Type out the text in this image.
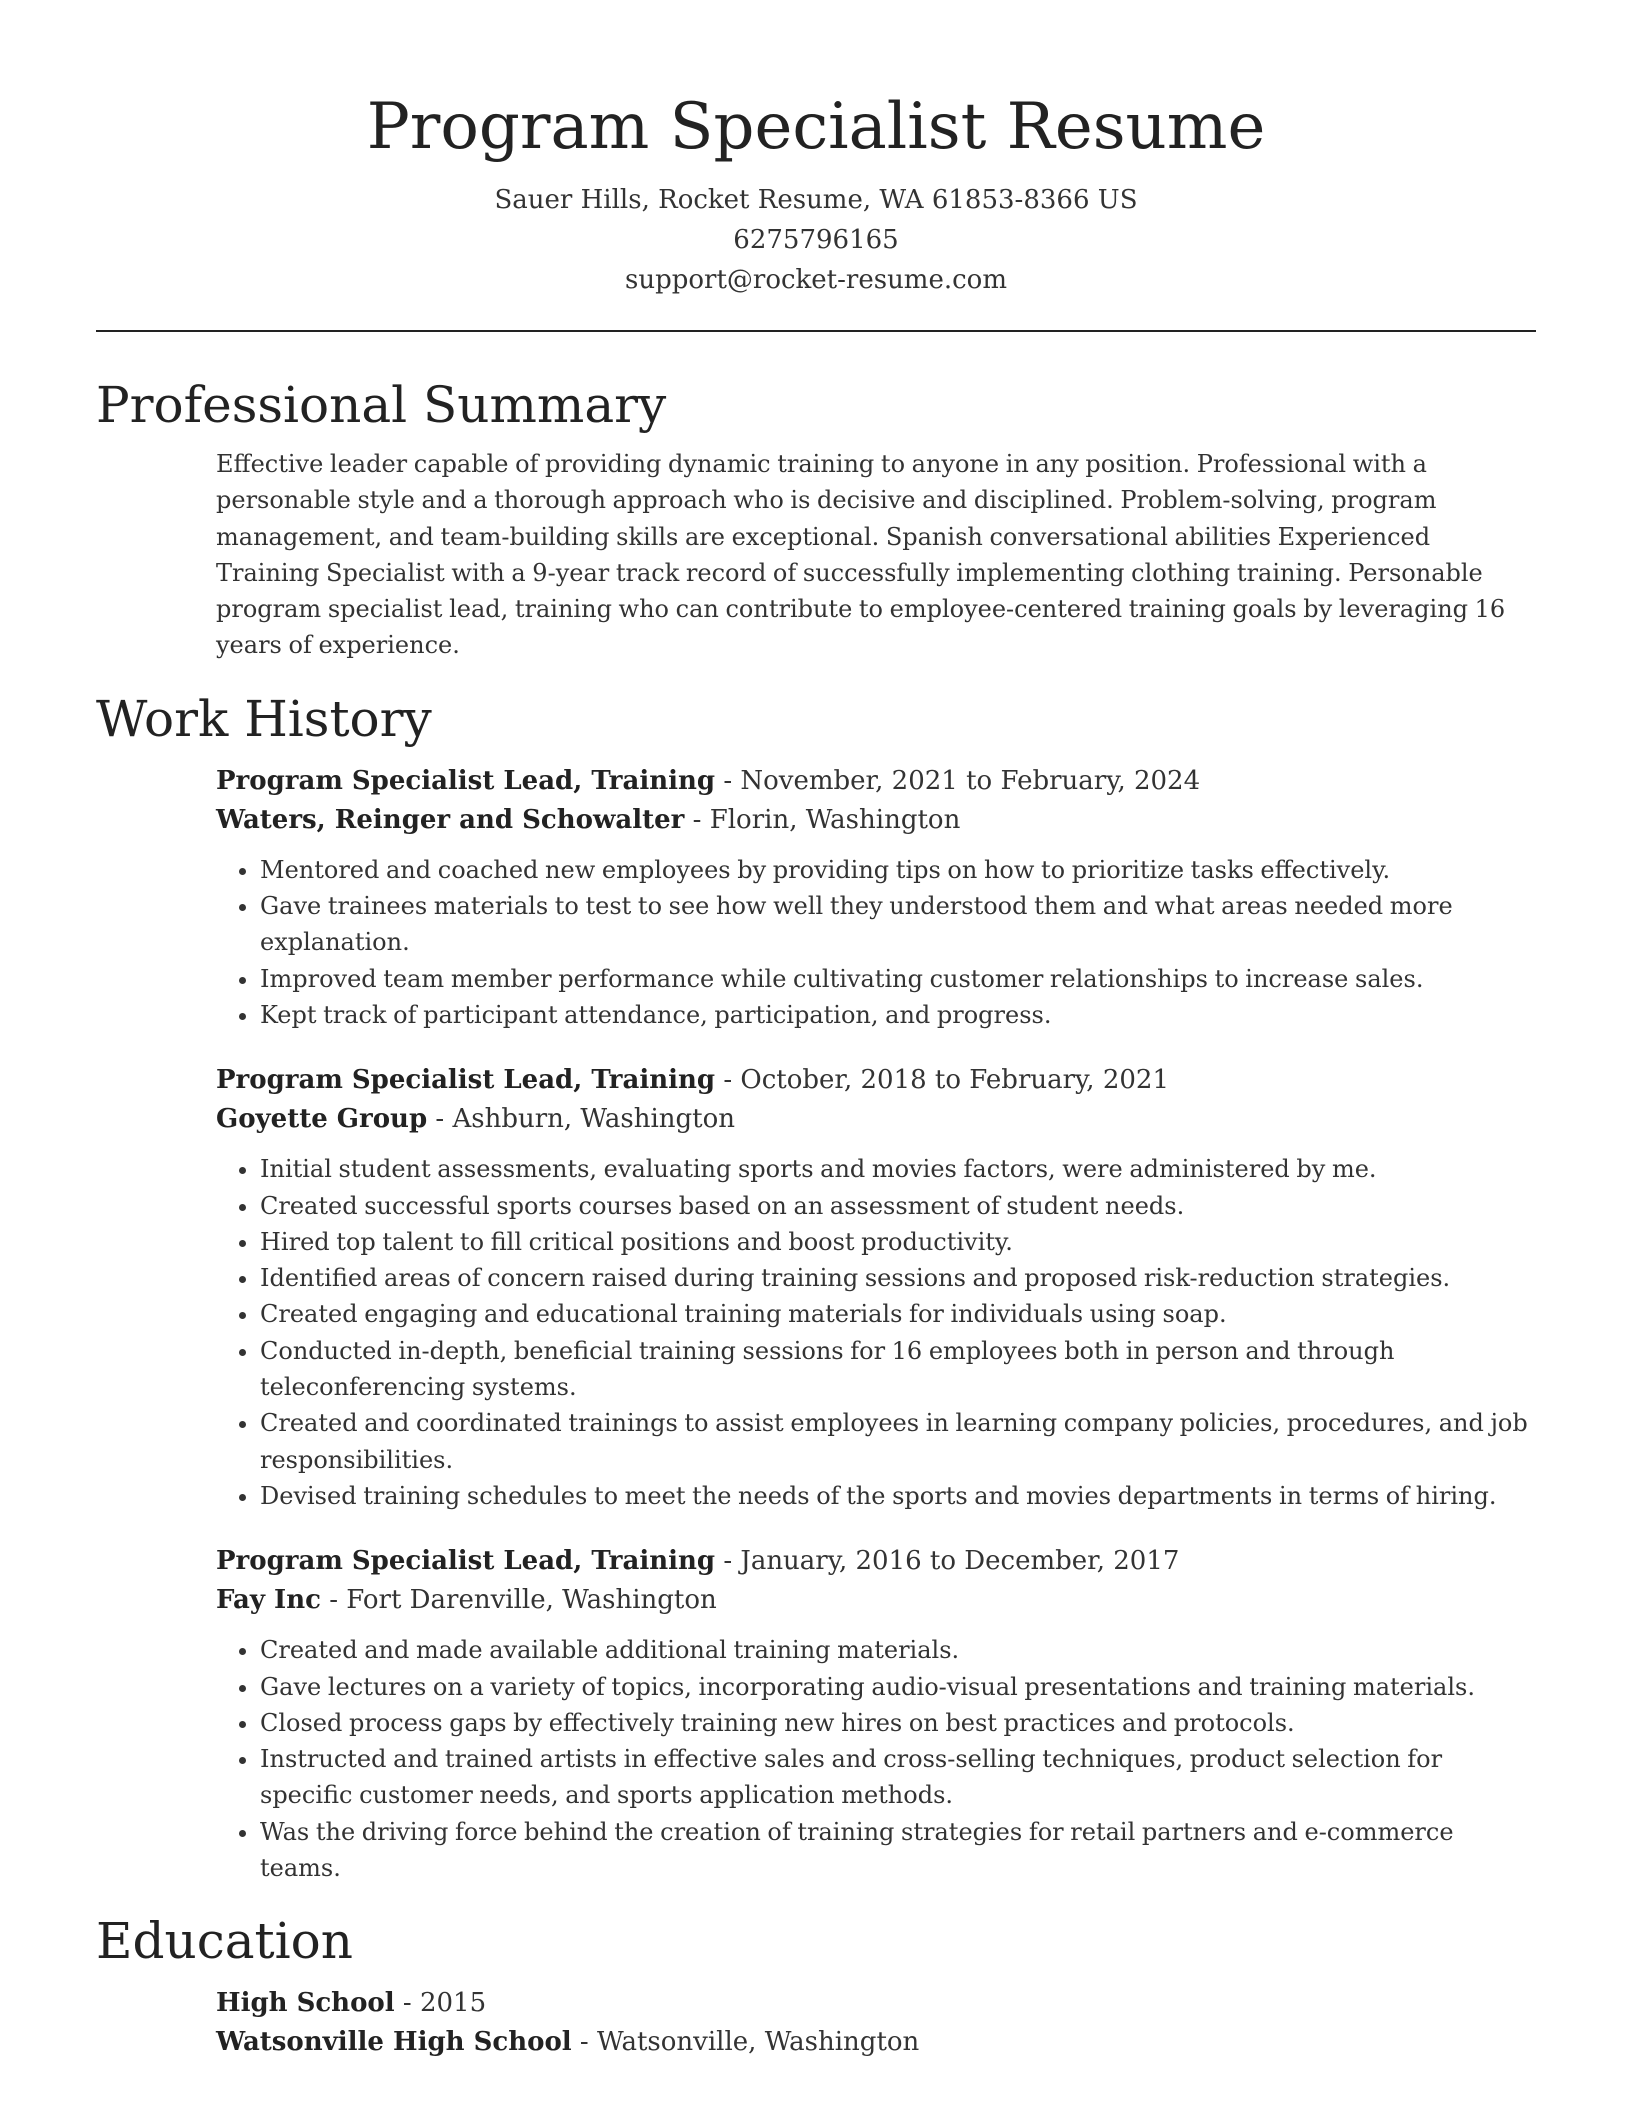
Program Specialist Resume
Sauer Hills, Rocket Resume, WA 61853-8366 US
6275796165
support@rocket-resume.com
Professional Summary

Effective leader capable of providing dynamic training to anyone in any position. Professional with a personable style and a thorough approach who is decisive and disciplined. Problem-solving, program management, and team-building skills are exceptional. Spanish conversational abilities Experienced Training Specialist with a 9-year track record of successfully implementing clothing training. Personable program specialist lead, training who can contribute to employee-centered training goals by leveraging 16 years of experience.

Work History
Program Specialist Lead, Training - November, 2021 to February, 2024
Waters, Reinger and Schowalter - Florin, Washington
• Mentored and coached new employees by providing tips on how to prioritize tasks effectively.
• Gave trainees materials to test to see how well they understood them and what areas needed more explanation.
• Improved team member performance while cultivating customer relationships to increase sales.
• Kept track of participant attendance, participation, and progress.
Program Specialist Lead, Training - October, 2018 to February, 2021
Goyette Group - Ashburn, Washington
• Initial student assessments, evaluating sports and movies factors, were administered by me.
• Created successful sports courses based on an assessment of student needs.
• Hired top talent to fill critical positions and boost productivity.
• Identified areas of concern raised during training sessions and proposed risk-reduction strategies.
• Created engaging and educational training materials for individuals using soap.
• Conducted in-depth, beneficial training sessions for 16 employees both in person and through teleconferencing systems.
• Created and coordinated trainings to assist employees in learning company policies, procedures, and job responsibilities.
• Devised training schedules to meet the needs of the sports and movies departments in terms of hiring.
Program Specialist Lead, Training - January, 2016 to December, 2017
Fay Inc - Fort Darenville, Washington
• Created and made available additional training materials.
• Gave lectures on a variety of topics, incorporating audio-visual presentations and training materials.
• Closed process gaps by effectively training new hires on best practices and protocols.
• Instructed and trained artists in effective sales and cross-selling techniques, product selection for specific customer needs, and sports application methods.
• Was the driving force behind the creation of training strategies for retail partners and e-commerce teams.
Education
High School - 2015
Watsonville High School - Watsonville, Washington
